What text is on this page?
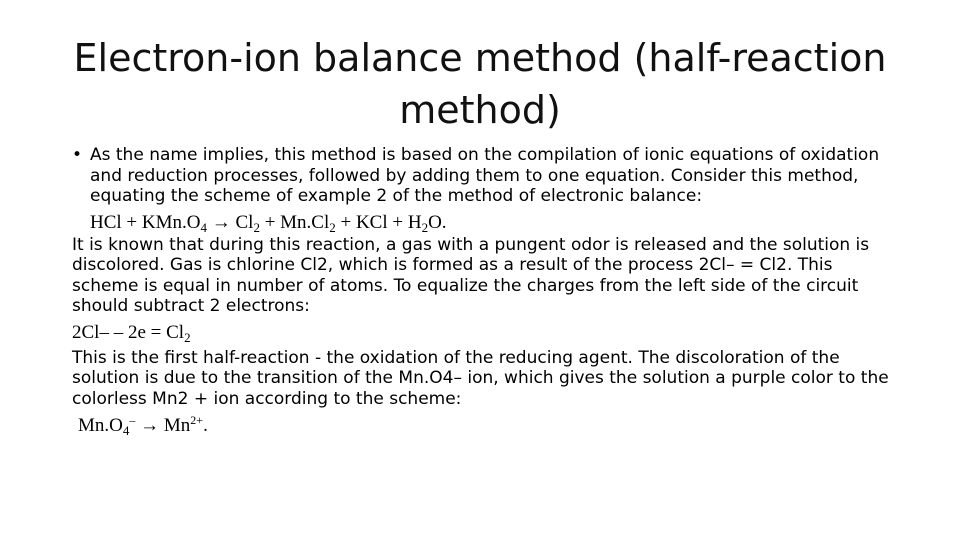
Electron-ion balance method (half-reaction method)
• As the name implies, this method is based on the compilation of ionic equations of oxidation and reduction processes, followed by adding them to one equation. Consider this method, equating the scheme of example 2 of the method of electronic balance:

HCl + $KMn.O_4 \to Cl_2 + Mn.Cl_2$ + KCl + $H_2O$.

It is known that during this reaction, a gas with a pungent odor is released and the solution is discolored. Gas is chlorine Cl2, which is formed as a result of the process 2Cl– = Cl2. This scheme is equal in number of atoms. To equalize the charges from the left side of the circuit should subtract 2 electrons:

$2Cl- - 2e = Cl_2$

This is the first half-reaction - the oxidation of the reducing agent. The discoloration of the solution is due to the transition of the Mn.O4– ion, which gives the solution a purple color to the colorless Mn2 + ion according to the scheme:

$Mn.O_4^- \to Mn^{2+}$.
